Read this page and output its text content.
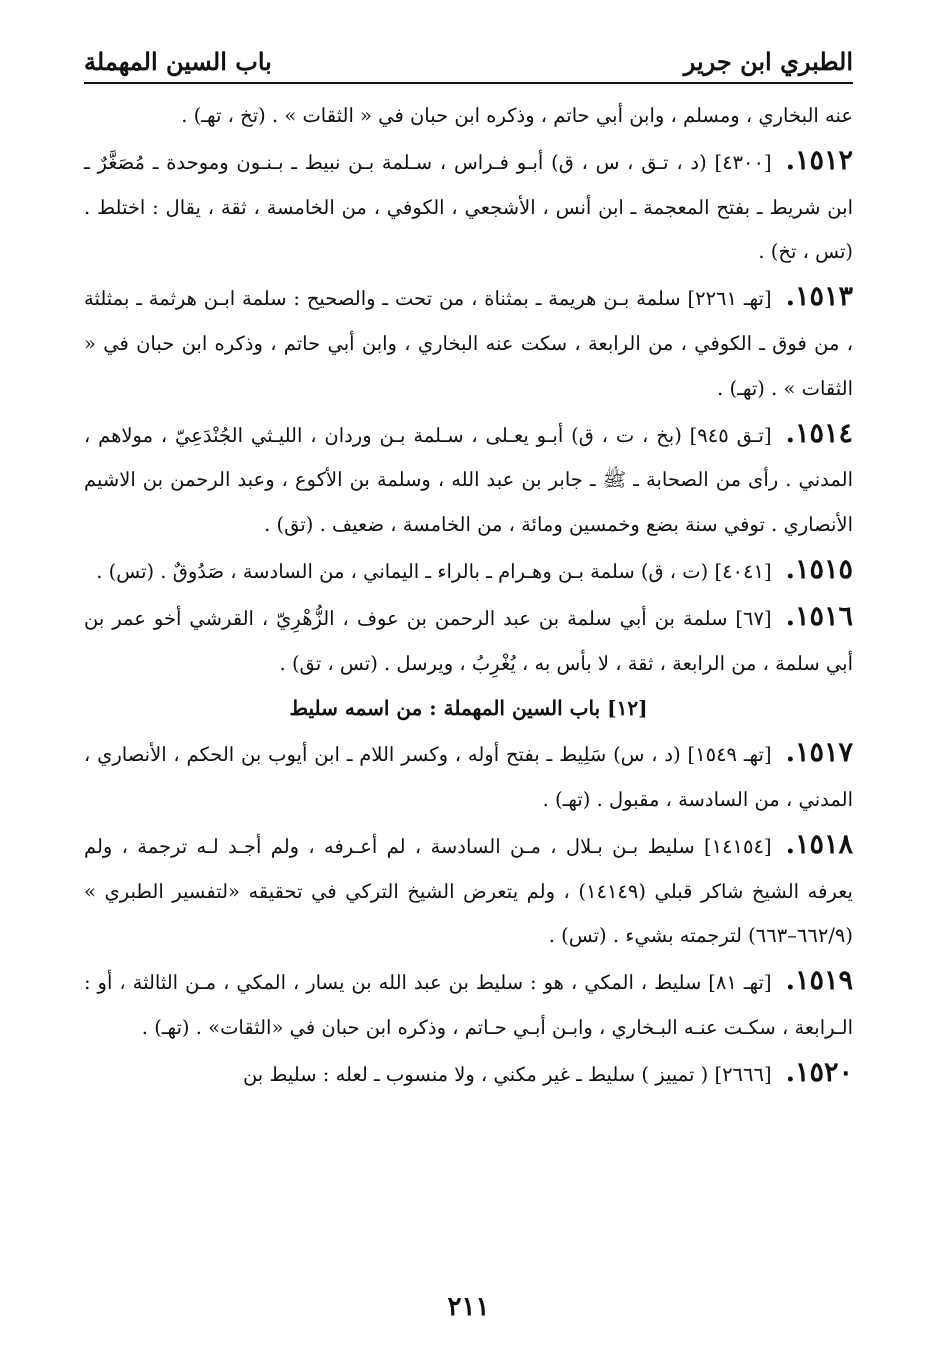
الطبري ابن جرير
باب السين المهملة
عنه البخاري ، ومسلم ، وابن أبي حاتم ، وذكره ابن حبان في « الثقات » . (تخ ، تهـ) .
١٥١٢.[٤٣٠٠] (د ، تـق ، س ، ق) أبـو فـراس ، سـلمة بـن نبيط ـ بـنـون وموحدة ـ مُصَغَّرٌ ـ ابن شريط ـ بفتح المعجمة ـ ابن أنس ، الأشجعي ، الكوفي ، من الخامسة ، ثقة ، يقال : اختلط . (تس ، تخ) .
١٥١٣.[تهـ ٢٢٦١] سلمة بـن هريمة ـ بمثناة ، من تحت ـ والصحيح : سلمة ابـن هرثمة ـ بمثلثة ، من فوق ـ الكوفي ، من الرابعة ، سكت عنه البخاري ، وابن أبي حاتم ، وذكره ابن حبان في « الثقات » . (تهـ) .
١٥١٤.[تـق ٩٤٥] (بخ ، ت ، ق) أبـو يعـلى ، سـلمة بـن وردان ، الليـثي الجُنْدَعِيّ ، مولاهم ، المدني . رأى من الصحابة ـ ﷺ ـ جابر بن عبد الله ، وسلمة بن الأكوع ، وعبد الرحمن بن الاشيم الأنصاري . توفي سنة بضع وخمسين ومائة ، من الخامسة ، ضعيف . (تق) .
١٥١٥.[٤٠٤١] (ت ، ق) سلمة بـن وهـرام ـ بالراء ـ اليماني ، من السادسة ، صَدُوقٌ . (تس) .
١٥١٦.[٦٧] سلمة بن أبي سلمة بن عبد الرحمن بن عوف ، الزُّهْرِيّ ، القرشي أخو عمر بن أبي سلمة ، من الرابعة ، ثقة ، لا بأس به ، يُغْرِبُ ، ويرسل . (تس ، تق) .
[١٢] باب السين المهملة : من اسمه سليط
١٥١٧.[تهـ ١٥٤٩] (د ، س) سَلِيط ـ بفتح أوله ، وكسر اللام ـ ابن أيوب بن الحكم ، الأنصاري ، المدني ، من السادسة ، مقبول . (تهـ) .
١٥١٨.[١٤١٥٤] سليط بـن بـلال ، مـن السادسة ، لم أعـرفه ، ولم أجـد لـه ترجمة ، ولم يعرفه الشيخ شاكر قبلي (١٤١٤٩) ، ولم يتعرض الشيخ التركي في تحقيقه «لتفسير الطبري » (٦٦٢/٩–٦٦٣) لترجمته بشيء . (تس) .
١٥١٩.[تهـ ٨١] سليط ، المكي ، هو : سليط بن عبد الله بن يسار ، المكي ، مـن الثالثة ، أو : الـرابعة ، سكـت عنـه البـخاري ، وابـن أبـي حـاتم ، وذكره ابن حبان في «الثقات» . (تهـ) .
١٥٢٠.[٢٦٦٦] ( تمييز ) سليط ـ غير مكني ، ولا منسوب ـ لعله : سليط بن
٢١١
